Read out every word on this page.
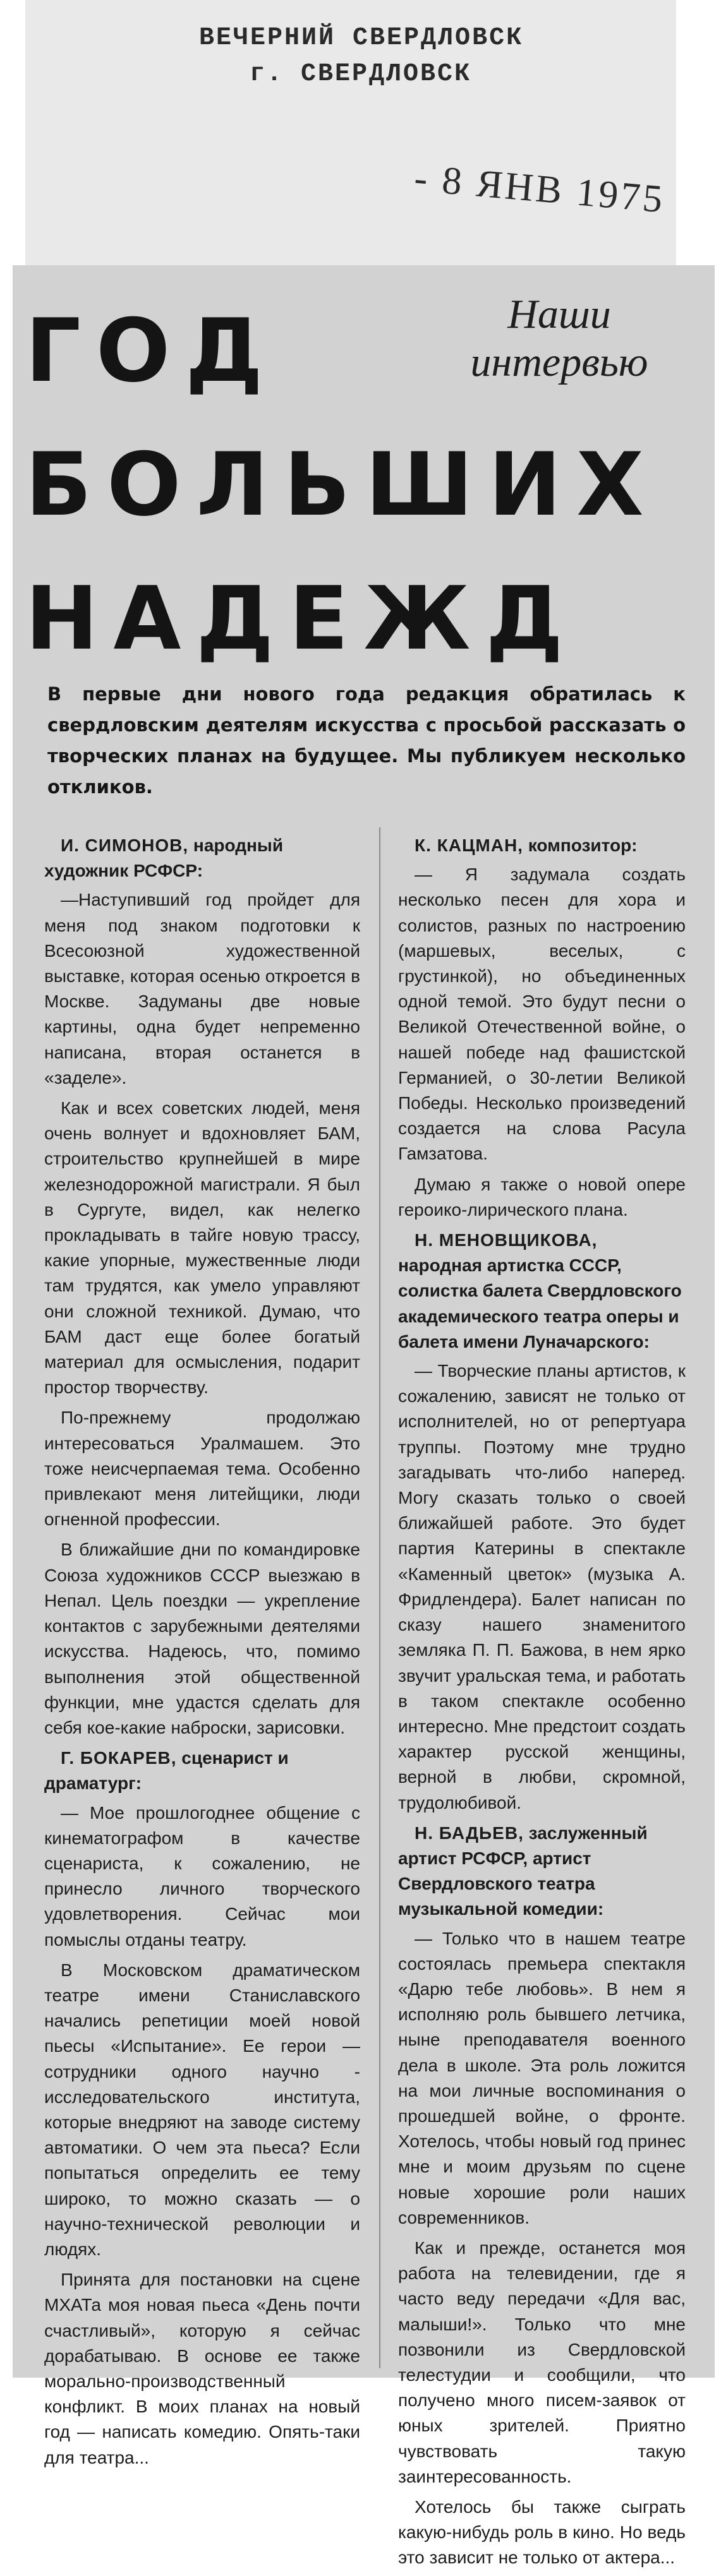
ВЕЧЕРНИЙ СВЕРДЛОВСК
г. СВЕРДЛОВСК
- 8 ЯНВ 1975
ГОД
БОЛЬШИХ
НАДЕЖД
Наши
интервью
В первые дни нового года редакция обратилась к свердловским деятелям искусства с просьбой рассказать о творческих планах на будущее. Мы публикуем несколько откликов.

И. СИМОНОВ, народный художник РСФСР:

—Наступивший год пройдет для меня под знаком подготовки к Всесоюзной художественной выставке, которая осенью откроется в Москве. Задуманы две новые картины, одна будет непременно написана, вторая останется в «заделе».

Как и всех советских людей, меня очень волнует и вдохновляет БАМ, строительство крупнейшей в мире железнодорожной магистрали. Я был в Сургуте, видел, как нелегко прокладывать в тайге новую трассу, какие упорные, мужественные люди там трудятся, как умело управляют они сложной техникой. Думаю, что БАМ даст еще более богатый материал для осмысления, подарит простор творчеству.

По-прежнему продолжаю интересоваться Уралмашем. Это тоже неисчерпаемая тема. Особенно привлекают меня литейщики, люди огненной профессии.

В ближайшие дни по командировке Союза художников СССР выезжаю в Непал. Цель поездки — укрепление контактов с зарубежными деятелями искусства. Надеюсь, что, помимо выполнения этой общественной функции, мне удастся сделать для себя кое-какие наброски, зарисовки.

Г. БОКАРЕВ, сценарист и драматург:

— Мое прошлогоднее общение с кинематографом в качестве сценариста, к сожалению, не принесло личного творческого удовлетворения. Сейчас мои помыслы отданы театру.

В Московском драматическом театре имени Станиславского начались репетиции моей новой пьесы «Испытание». Ее герои — сотрудники одного научно - исследовательского института, которые внедряют на заводе систему автоматики. О чем эта пьеса? Если попытаться определить ее тему широко, то можно сказать — о научно-технической революции и людях.

Принята для постановки на сцене МХАТа моя новая пьеса «День почти счастливый», которую я сейчас дорабатываю. В основе ее также морально-производственный конфликт. В моих планах на новый год — написать комедию. Опять-таки для театра...

К. КАЦМАН, композитор:

— Я задумала создать несколько песен для хора и солистов, разных по настроению (маршевых, веселых, с грустинкой), но объединенных одной темой. Это будут песни о Великой Отечественной войне, о нашей победе над фашистской Германией, о 30-летии Великой Победы. Несколько произведений создается на слова Расула Гамзатова.

Думаю я также о новой опере героико-лирического плана.

Н. МЕНОВЩИКОВА, народная артистка СССР, солистка балета Свердловского академического театра оперы и балета имени Луначарского:

— Творческие планы артистов, к сожалению, зависят не только от исполнителей, но от репертуара труппы. Поэтому мне трудно загадывать что-либо наперед. Могу сказать только о своей ближайшей работе. Это будет партия Катерины в спектакле «Каменный цветок» (музыка А. Фридлендера). Балет написан по сказу нашего знаменитого земляка П. П. Бажова, в нем ярко звучит уральская тема, и работать в таком спектакле особенно интересно. Мне предстоит создать характер русской женщины, верной в любви, скромной, трудолюбивой.

Н. БАДЬЕВ, заслуженный артист РСФСР, артист Свердловского театра музыкальной комедии:

— Только что в нашем театре состоялась премьера спектакля «Дарю тебе любовь». В нем я исполняю роль бывшего летчика, ныне преподавателя военного дела в школе. Эта роль ложится на мои личные воспоминания о прошедшей войне, о фронте. Хотелось, чтобы новый год принес мне и моим друзьям по сцене новые хорошие роли наших современников.

Как и прежде, останется моя работа на телевидении, где я часто веду передачи «Для вас, малыши!». Только что мне позвонили из Свердловской телестудии и сообщили, что получено много писем-заявок от юных зрителей. Приятно чувствовать такую заинтересованность.

Хотелось бы также сыграть какую-нибудь роль в кино. Но ведь это зависит не только от актера...
